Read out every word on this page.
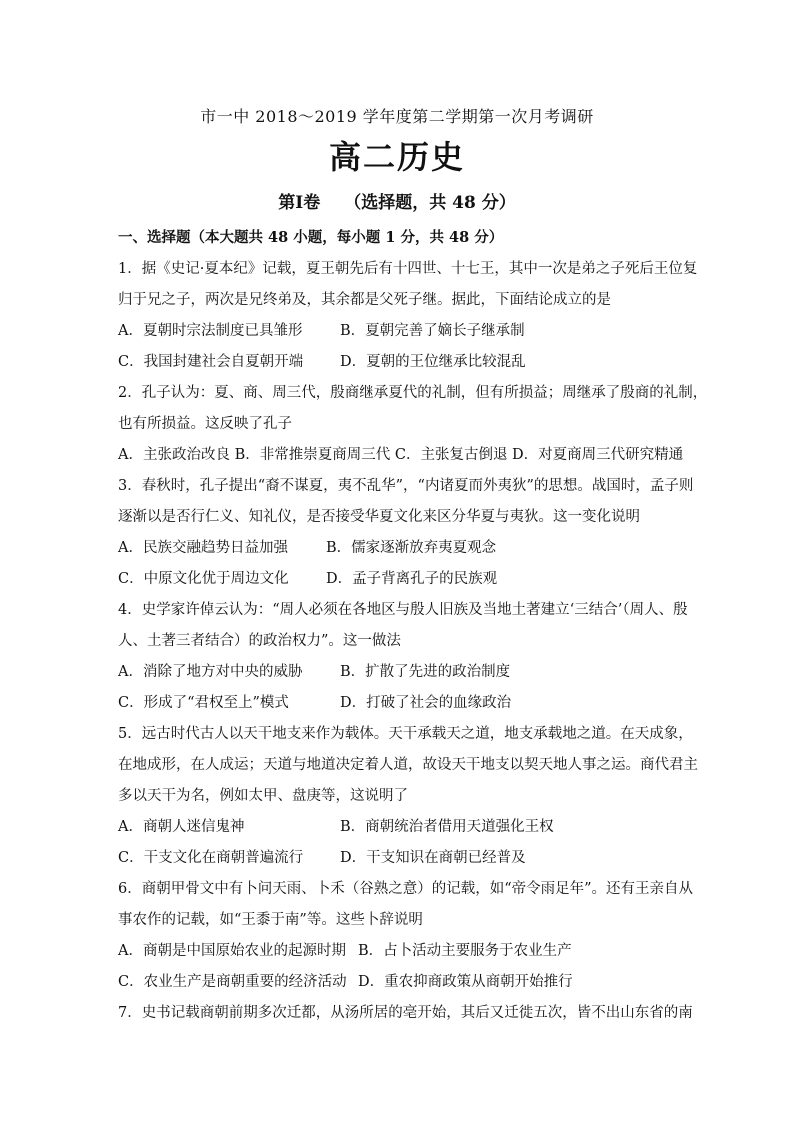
市一中 2018～2019 学年度第二学期第一次月考调研
高二历史
第Ⅰ卷 （选择题，共 48 分）
一、选择题（本大题共 48 小题，每小题 1 分，共 48 分）
1．据《史记·夏本纪》记载，夏王朝先后有十四世、十七王，其中一次是弟之子死后王位复
归于兄之子，两次是兄终弟及，其余都是父死子继。据此，下面结论成立的是
A．夏朝时宗法制度已具雏形	B．夏朝完善了嫡长子继承制
C．我国封建社会自夏朝开端	D．夏朝的王位继承比较混乱
2．孔子认为：夏、商、周三代，殷商继承夏代的礼制，但有所损益；周继承了殷商的礼制，
也有所损益。这反映了孔子
A．主张政治改良 B．非常推崇夏商周三代 C．主张复古倒退 D．对夏商周三代研究精通
3．春秋时，孔子提出“裔不谋夏，夷不乱华”，“内诸夏而外夷狄”的思想。战国时，孟子则
逐渐以是否行仁义、知礼仪，是否接受华夏文化来区分华夏与夷狄。这一变化说明
A．民族交融趋势日益加强	B．儒家逐渐放弃夷夏观念
C．中原文化优于周边文化	D．孟子背离孔子的民族观
4．史学家许倬云认为：“周人必须在各地区与殷人旧族及当地土著建立‘三结合’（周人、殷
人、土著三者结合）的政治权力”。这一做法
A．消除了地方对中央的威胁	B．扩散了先进的政治制度
C．形成了“君权至上”模式	D．打破了社会的血缘政治
5．远古时代古人以天干地支来作为载体。天干承载天之道，地支承载地之道。在天成象，
在地成形，在人成运；天道与地道决定着人道，故设天干地支以契天地人事之运。商代君主
多以天干为名，例如太甲、盘庚等，这说明了
A．商朝人迷信鬼神	B．商朝统治者借用天道强化王权
C．干支文化在商朝普遍流行	D．干支知识在商朝已经普及
6．商朝甲骨文中有卜问天雨、卜禾（谷熟之意）的记载，如“帝令雨足年”。还有王亲自从
事农作的记载，如“王黍于南”等。这些卜辞说明
A．商朝是中国原始农业的起源时期 B．占卜活动主要服务于农业生产
C．农业生产是商朝重要的经济活动 D．重农抑商政策从商朝开始推行
7．史书记载商朝前期多次迁都，从汤所居的亳开始，其后又迁徙五次，皆不出山东省的南
